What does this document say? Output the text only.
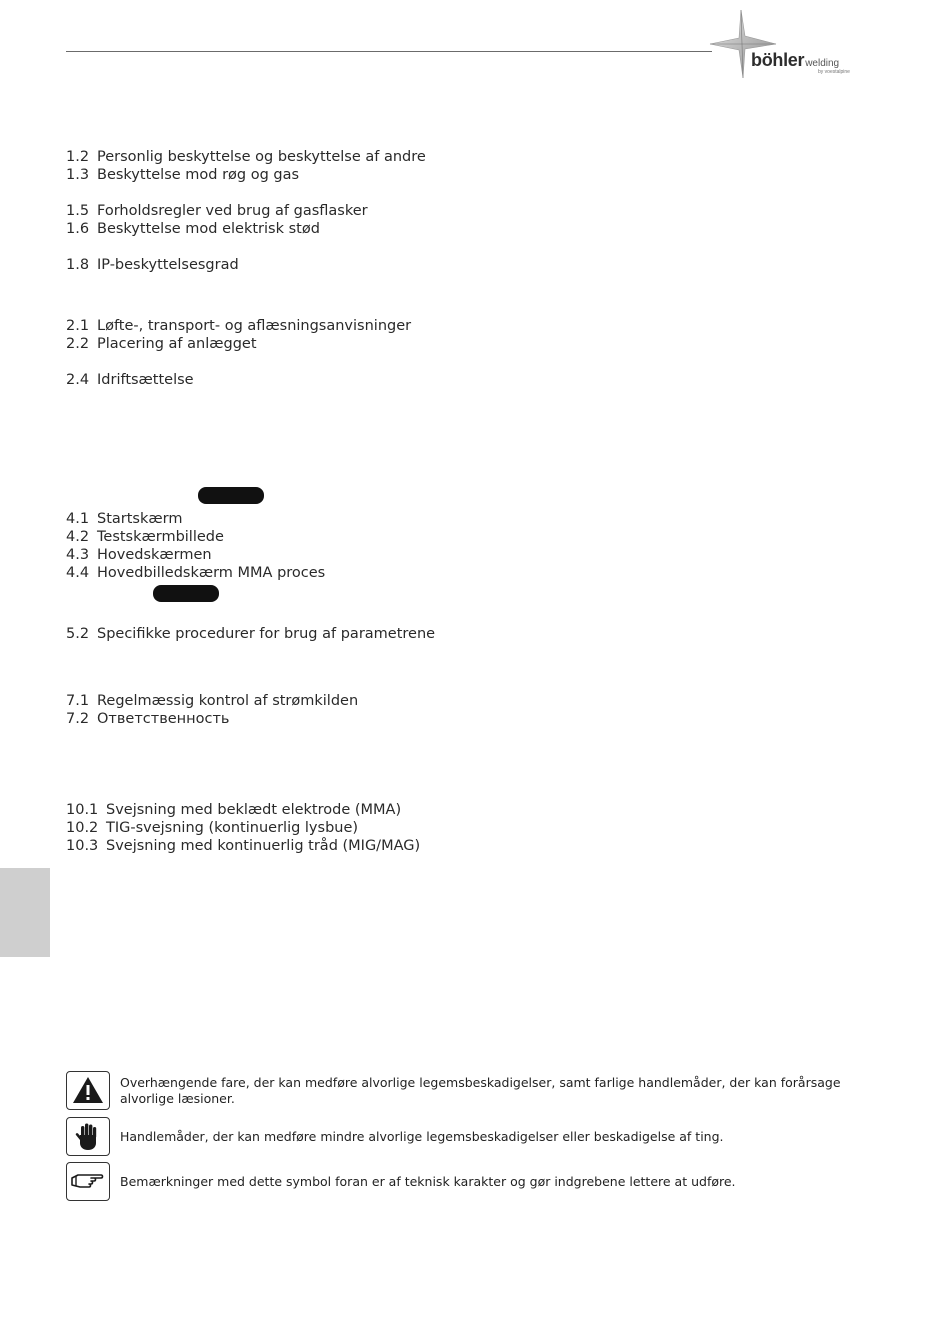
böhlerwelding
by voestalpine
1.2 Personlig beskyttelse og beskyttelse af andre
1.3 Beskyttelse mod røg og gas
1.5 Forholdsregler ved brug af gasflasker
1.6 Beskyttelse mod elektrisk stød
1.8 IP-beskyttelsesgrad
2.1 Løfte-, transport- og aflæsningsanvisninger
2.2 Placering af anlægget
2.4 Idriftsættelse
4.1 Startskærm
4.2 Testskærmbillede
4.3 Hovedskærmen
4.4 Hovedbilledskærm MMA proces
5.2 Specifikke procedurer for brug af parametrene
7.1 Regelmæssig kontrol af strømkilden
7.2 Ответственность
10.1 Svejsning med beklædt elektrode (MMA)
10.2 TIG-svejsning (kontinuerlig lysbue)
10.3 Svejsning med kontinuerlig tråd (MIG/MAG)
Overhængende fare, der kan medføre alvorlige legemsbeskadigelser, samt farlige handlemåder, der kan forårsage alvorlige læsioner.
Handlemåder, der kan medføre mindre alvorlige legemsbeskadigelser eller beskadigelse af ting.
Bemærkninger med dette symbol foran er af teknisk karakter og gør indgrebene lettere at udføre.
